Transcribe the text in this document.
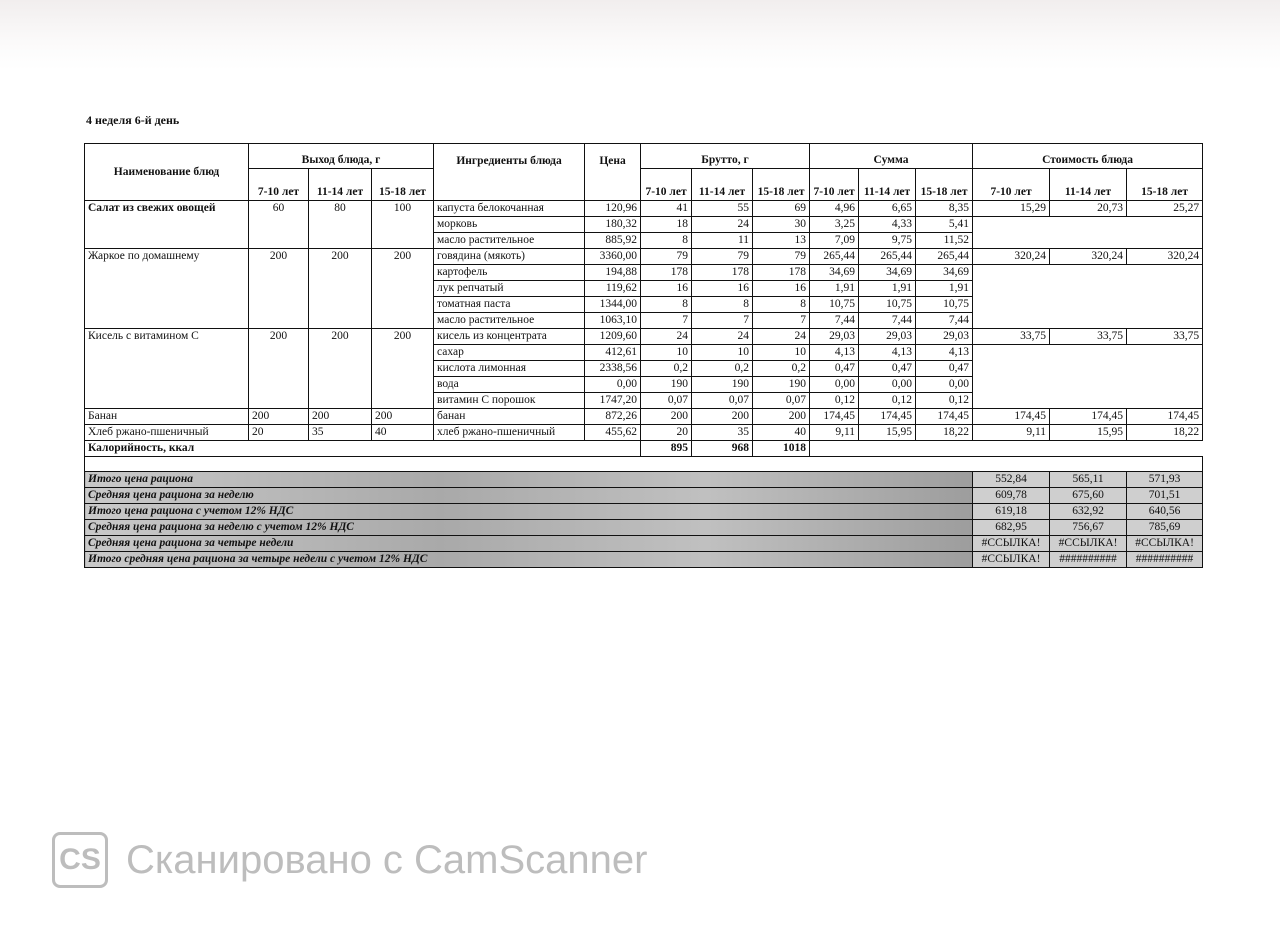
4 неделя 6-й день
Наименование блюд	Выход блюда, г			Ингредиенты блюда	Цена	Брутто, г			Сумма			Стоимость блюда		
	7-10 лет	11-14 лет	15-18 лет			7-10 лет	11-14 лет	15-18 лет	7-10 лет	11-14 лет	15-18 лет	7-10 лет	11-14 лет	15-18 лет
Салат из свежих овощей	60	80	100	капуста белокочанная	120,96	41	55	69	4,96	6,65	8,35	15,29	20,73	25,27
				морковь	180,32	18	24	30	3,25	4,33	5,41			
				масло растительное	885,92	8	11	13	7,09	9,75	11,52			
Жаркое по домашнему	200	200	200	говядина (мякоть)	3360,00	79	79	79	265,44	265,44	265,44	320,24	320,24	320,24
				картофель	194,88	178	178	178	34,69	34,69	34,69			
				лук репчатый	119,62	16	16	16	1,91	1,91	1,91			
				томатная паста	1344,00	8	8	8	10,75	10,75	10,75			
				масло растительное	1063,10	7	7	7	7,44	7,44	7,44			
Кисель с витамином С	200	200	200	кисель из концентрата	1209,60	24	24	24	29,03	29,03	29,03	33,75	33,75	33,75
				сахар	412,61	10	10	10	4,13	4,13	4,13			
				кислота лимонная	2338,56	0,2	0,2	0,2	0,47	0,47	0,47			
				вода	0,00	190	190	190	0,00	0,00	0,00			
				витамин С порошок	1747,20	0,07	0,07	0,07	0,12	0,12	0,12			
Банан	200	200	200	банан	872,26	200	200	200	174,45	174,45	174,45	174,45	174,45	174,45
Хлеб ржано-пшеничный	20	35	40	хлеб ржано-пшеничный	455,62	20	35	40	9,11	15,95	18,22	9,11	15,95	18,22
Калорийность, ккал						895	968	1018						

Итого цена рациона												552,84	565,11	571,93
Средняя цена рациона за неделю												609,78	675,60	701,51
Итого цена рациона с учетом 12% НДС												619,18	632,92	640,56
Средняя цена рациона за неделю с учетом 12% НДС												682,95	756,67	785,69
Средняя цена рациона за четыре недели												#ССЫЛКА!	#ССЫЛКА!	#ССЫЛКА!
Итого средняя цена рациона за четыре недели с учетом 12% НДС												#ССЫЛКА!	##########	##########
CS Сканировано с CamScanner
